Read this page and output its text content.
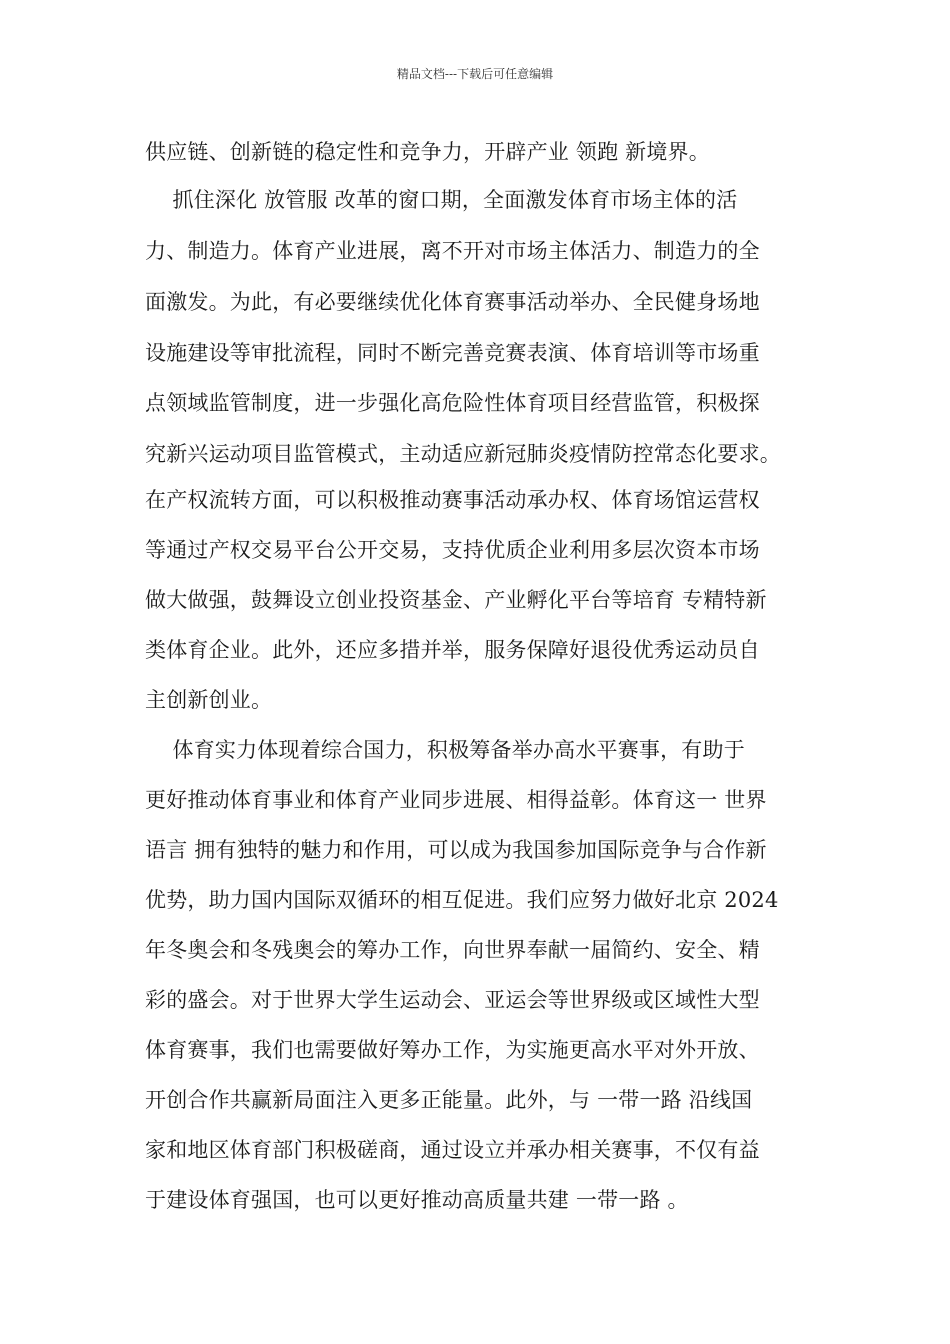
精品文档---下载后可任意编辑
供应链、创新链的稳定性和竞争力，开辟产业 领跑 新境界。
抓住深化 放管服 改革的窗口期，全面激发体育市场主体的活
力、制造力。体育产业进展，离不开对市场主体活力、制造力的全
面激发。为此，有必要继续优化体育赛事活动举办、全民健身场地
设施建设等审批流程，同时不断完善竞赛表演、体育培训等市场重
点领域监管制度，进一步强化高危险性体育项目经营监管，积极探
究新兴运动项目监管模式，主动适应新冠肺炎疫情防控常态化要求。
在产权流转方面，可以积极推动赛事活动承办权、体育场馆运营权
等通过产权交易平台公开交易，支持优质企业利用多层次资本市场
做大做强，鼓舞设立创业投资基金、产业孵化平台等培育 专精特新
类体育企业。此外，还应多措并举，服务保障好退役优秀运动员自
主创新创业。
体育实力体现着综合国力，积极筹备举办高水平赛事，有助于
更好推动体育事业和体育产业同步进展、相得益彰。体育这一 世界
语言 拥有独特的魅力和作用，可以成为我国参加国际竞争与合作新
优势，助力国内国际双循环的相互促进。我们应努力做好北京 2024
年冬奥会和冬残奥会的筹办工作，向世界奉献一届简约、安全、精
彩的盛会。对于世界大学生运动会、亚运会等世界级或区域性大型
体育赛事，我们也需要做好筹办工作，为实施更高水平对外开放、
开创合作共赢新局面注入更多正能量。此外，与 一带一路 沿线国
家和地区体育部门积极磋商，通过设立并承办相关赛事，不仅有益
于建设体育强国，也可以更好推动高质量共建 一带一路 。
